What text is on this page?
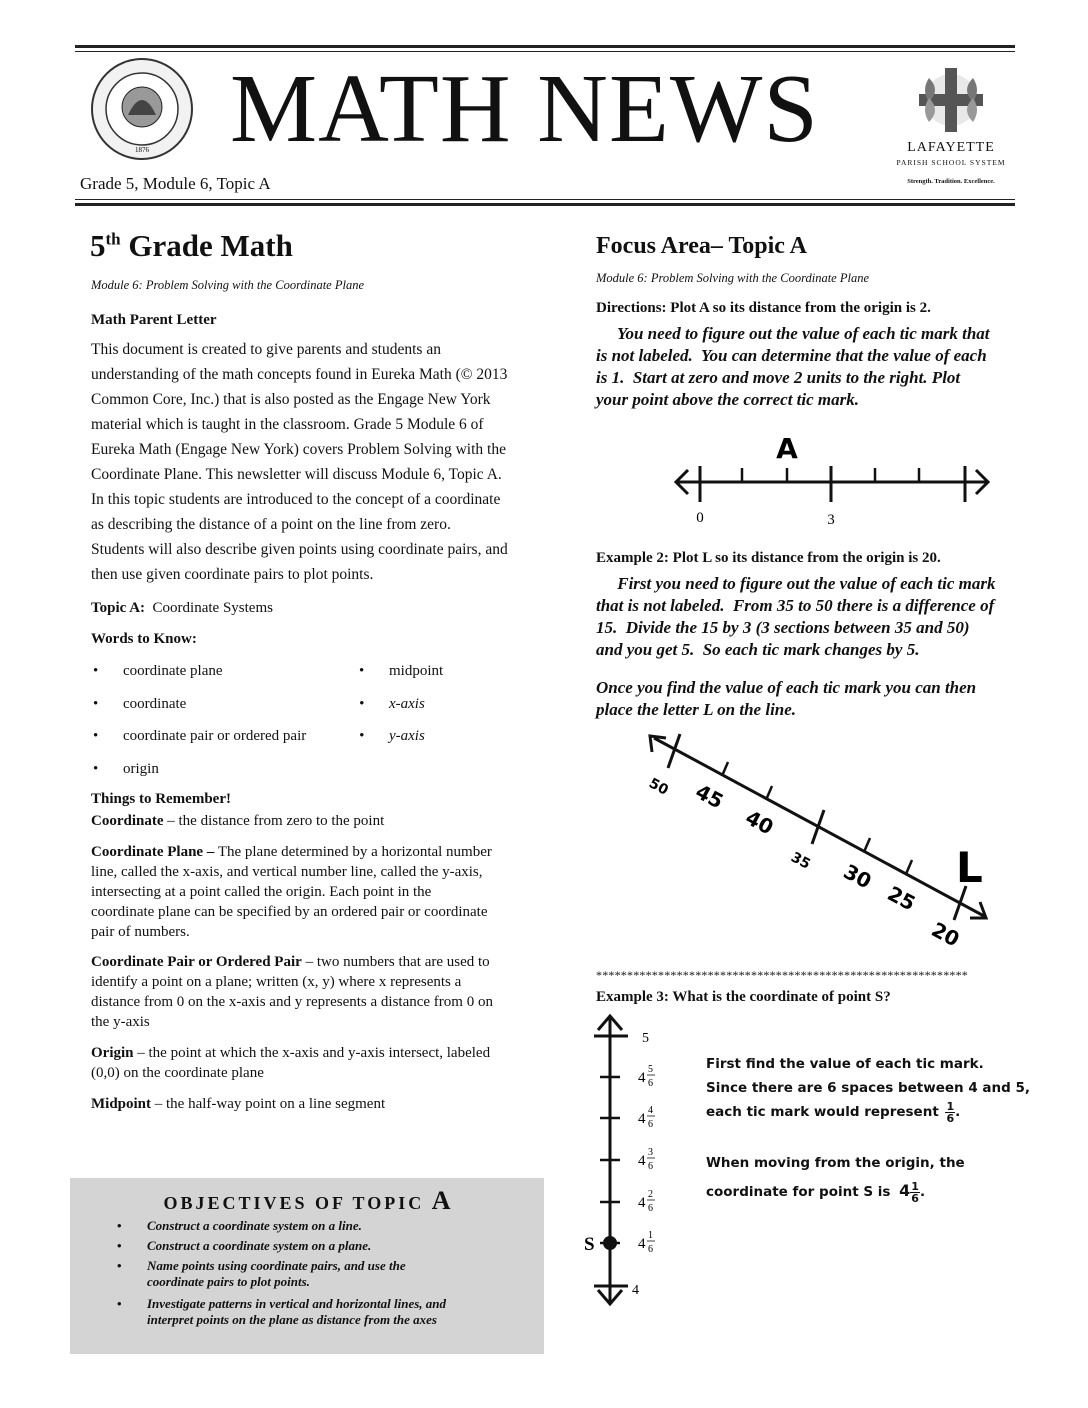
1876 MATH NEWS	LAFAYETTE
PARISH SCHOOL SYSTEM
Strength. Tradition. Excellence.
Grade 5, Module 6, Topic A
5th Grade Math
Module 6: Problem Solving with the Coordinate Plane
Math Parent Letter
This document is created to give parents and students an
understanding of the math concepts found in Eureka Math (© 2013
Common Core, Inc.) that is also posted as the Engage New York
material which is taught in the classroom. Grade 5 Module 6 of
Eureka Math (Engage New York) covers Problem Solving with the
Coordinate Plane. This newsletter will discuss Module 6, Topic A.
In this topic students are introduced to the concept of a coordinate
as describing the distance of a point on the line from zero.
Students will also describe given points using coordinate pairs, and
then use given coordinate pairs to plot points.
Topic A: Coordinate Systems
Words to Know:
• coordinate plane
• coordinate
• coordinate pair or ordered pair
• origin
• midpoint
• x-axis
• y-axis
Things to Remember!
Coordinate – the distance from zero to the point
Coordinate Plane – The plane determined by a horizontal number
line, called the x-axis, and vertical number line, called the y-axis,
intersecting at a point called the origin. Each point in the
coordinate plane can be specified by an ordered pair or coordinate
pair of numbers.
Coordinate Pair or Ordered Pair – two numbers that are used to
identify a point on a plane; written (x, y) where x represents a
distance from 0 on the x-axis and y represents a distance from 0 on
the y-axis
Origin – the point at which the x-axis and y-axis intersect, labeled
(0,0) on the coordinate plane
Midpoint – the half-way point on a line segment
OBJECTIVES OF TOPIC A
• Construct a coordinate system on a line.
• Construct a coordinate system on a plane.
• Name points using coordinate pairs, and use the
coordinate pairs to plot points.
• Investigate patterns in vertical and horizontal lines, and
interpret points on the plane as distance from the axes
Focus Area– Topic A
Module 6: Problem Solving with the Coordinate Plane
Directions: Plot A so its distance from the origin is 2.
You need to figure out the value of each tic mark that
is not labeled.  You can determine that the value of each
is 1.  Start at zero and move 2 units to the right. Plot
your point above the correct tic mark.
A
0	3
Example 2: Plot L so its distance from the origin is 20.
First you need to figure out the value of each tic mark
that is not labeled.  From 35 to 50 there is a difference of
15.  Divide the 15 by 3 (3 sections between 35 and 50)
and you get 5.  So each tic mark changes by 5.
Once you find the value of each tic mark you can then
place the letter L on the line.
50 45
40
35 30
25
20
L
************************************************************
Example 3: What is the coordinate of point S?
S
5
4
4
5
6
4
4
6
4
3
6
4
2
6
4
1
6
First find the value of each tic mark.
Since there are 6 spaces between 4 and 5,
each tic mark would represent $\frac{1}{6}$ .
When moving from the origin, the
coordinate for point S is $4 \frac{1}{6}$ .
